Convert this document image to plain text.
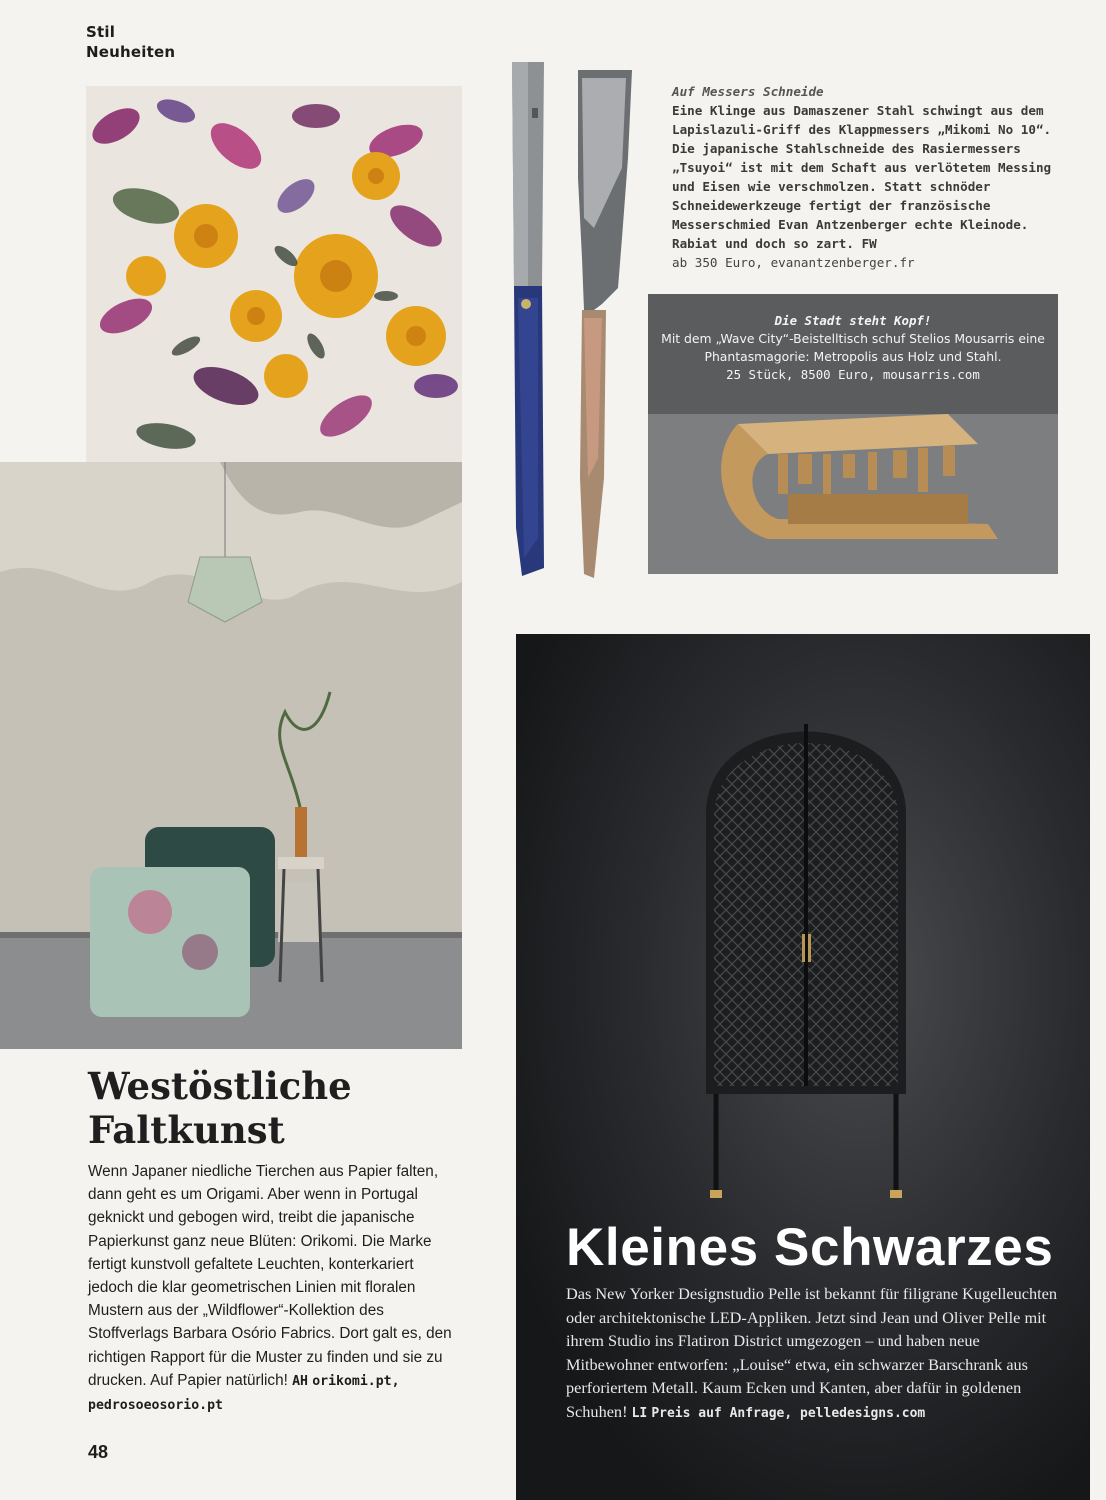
Stil
Neuheiten
Auf Messers Schneide
Eine Klinge aus Damaszener Stahl schwingt aus dem Lapislazuli-Griff des Klappmessers „Mikomi No 10“. Die japanische Stahlschneide des Rasiermessers „Tsuyoi“ ist mit dem Schaft aus verlötetem Messing und Eisen wie verschmolzen. Statt schnöder Schneidewerkzeuge fertigt der französische Messerschmied Evan Antzenberger echte Kleinode. Rabiat und doch so zart. FW
ab 350 Euro, evanantzenberger.fr
Die Stadt steht Kopf!
Mit dem „Wave City“-Beistelltisch schuf Stelios Mousarris eine Phantasmagorie: Metropolis aus Holz und Stahl.
25 Stück, 8500 Euro, mousarris.com
Kleines Schwarzes
Das New Yorker Designstudio Pelle ist bekannt für filigrane Kugelleuchten oder architektonische LED-Appliken. Jetzt sind Jean und Oliver Pelle mit ihrem Studio ins Flatiron District umgezogen – und haben neue Mitbewohner entworfen: „Louise“ etwa, ein schwarzer Barschrank aus perforiertem Metall. Kaum Ecken und Kanten, aber dafür in goldenen Schuhen! LI Preis auf Anfrage, pelledesigns.com
Westöstliche
Faltkunst
Wenn Japaner niedliche Tierchen aus Papier falten, dann geht es um Origami. Aber wenn in Portugal geknickt und gebogen wird, treibt die japanische Papierkunst ganz neue Blüten: Orikomi. Die Marke fertigt kunstvoll gefaltete Leuchten, konterkariert jedoch die klar geometrischen Linien mit floralen Mustern aus der „Wildflower“-Kollektion des Stoffverlags Barbara Osório Fabrics. Dort galt es, den richtigen Rapport für die Muster zu finden und sie zu drucken. Auf Papier natürlich! AH orikomi.pt, pedrosoeosorio.pt
48
